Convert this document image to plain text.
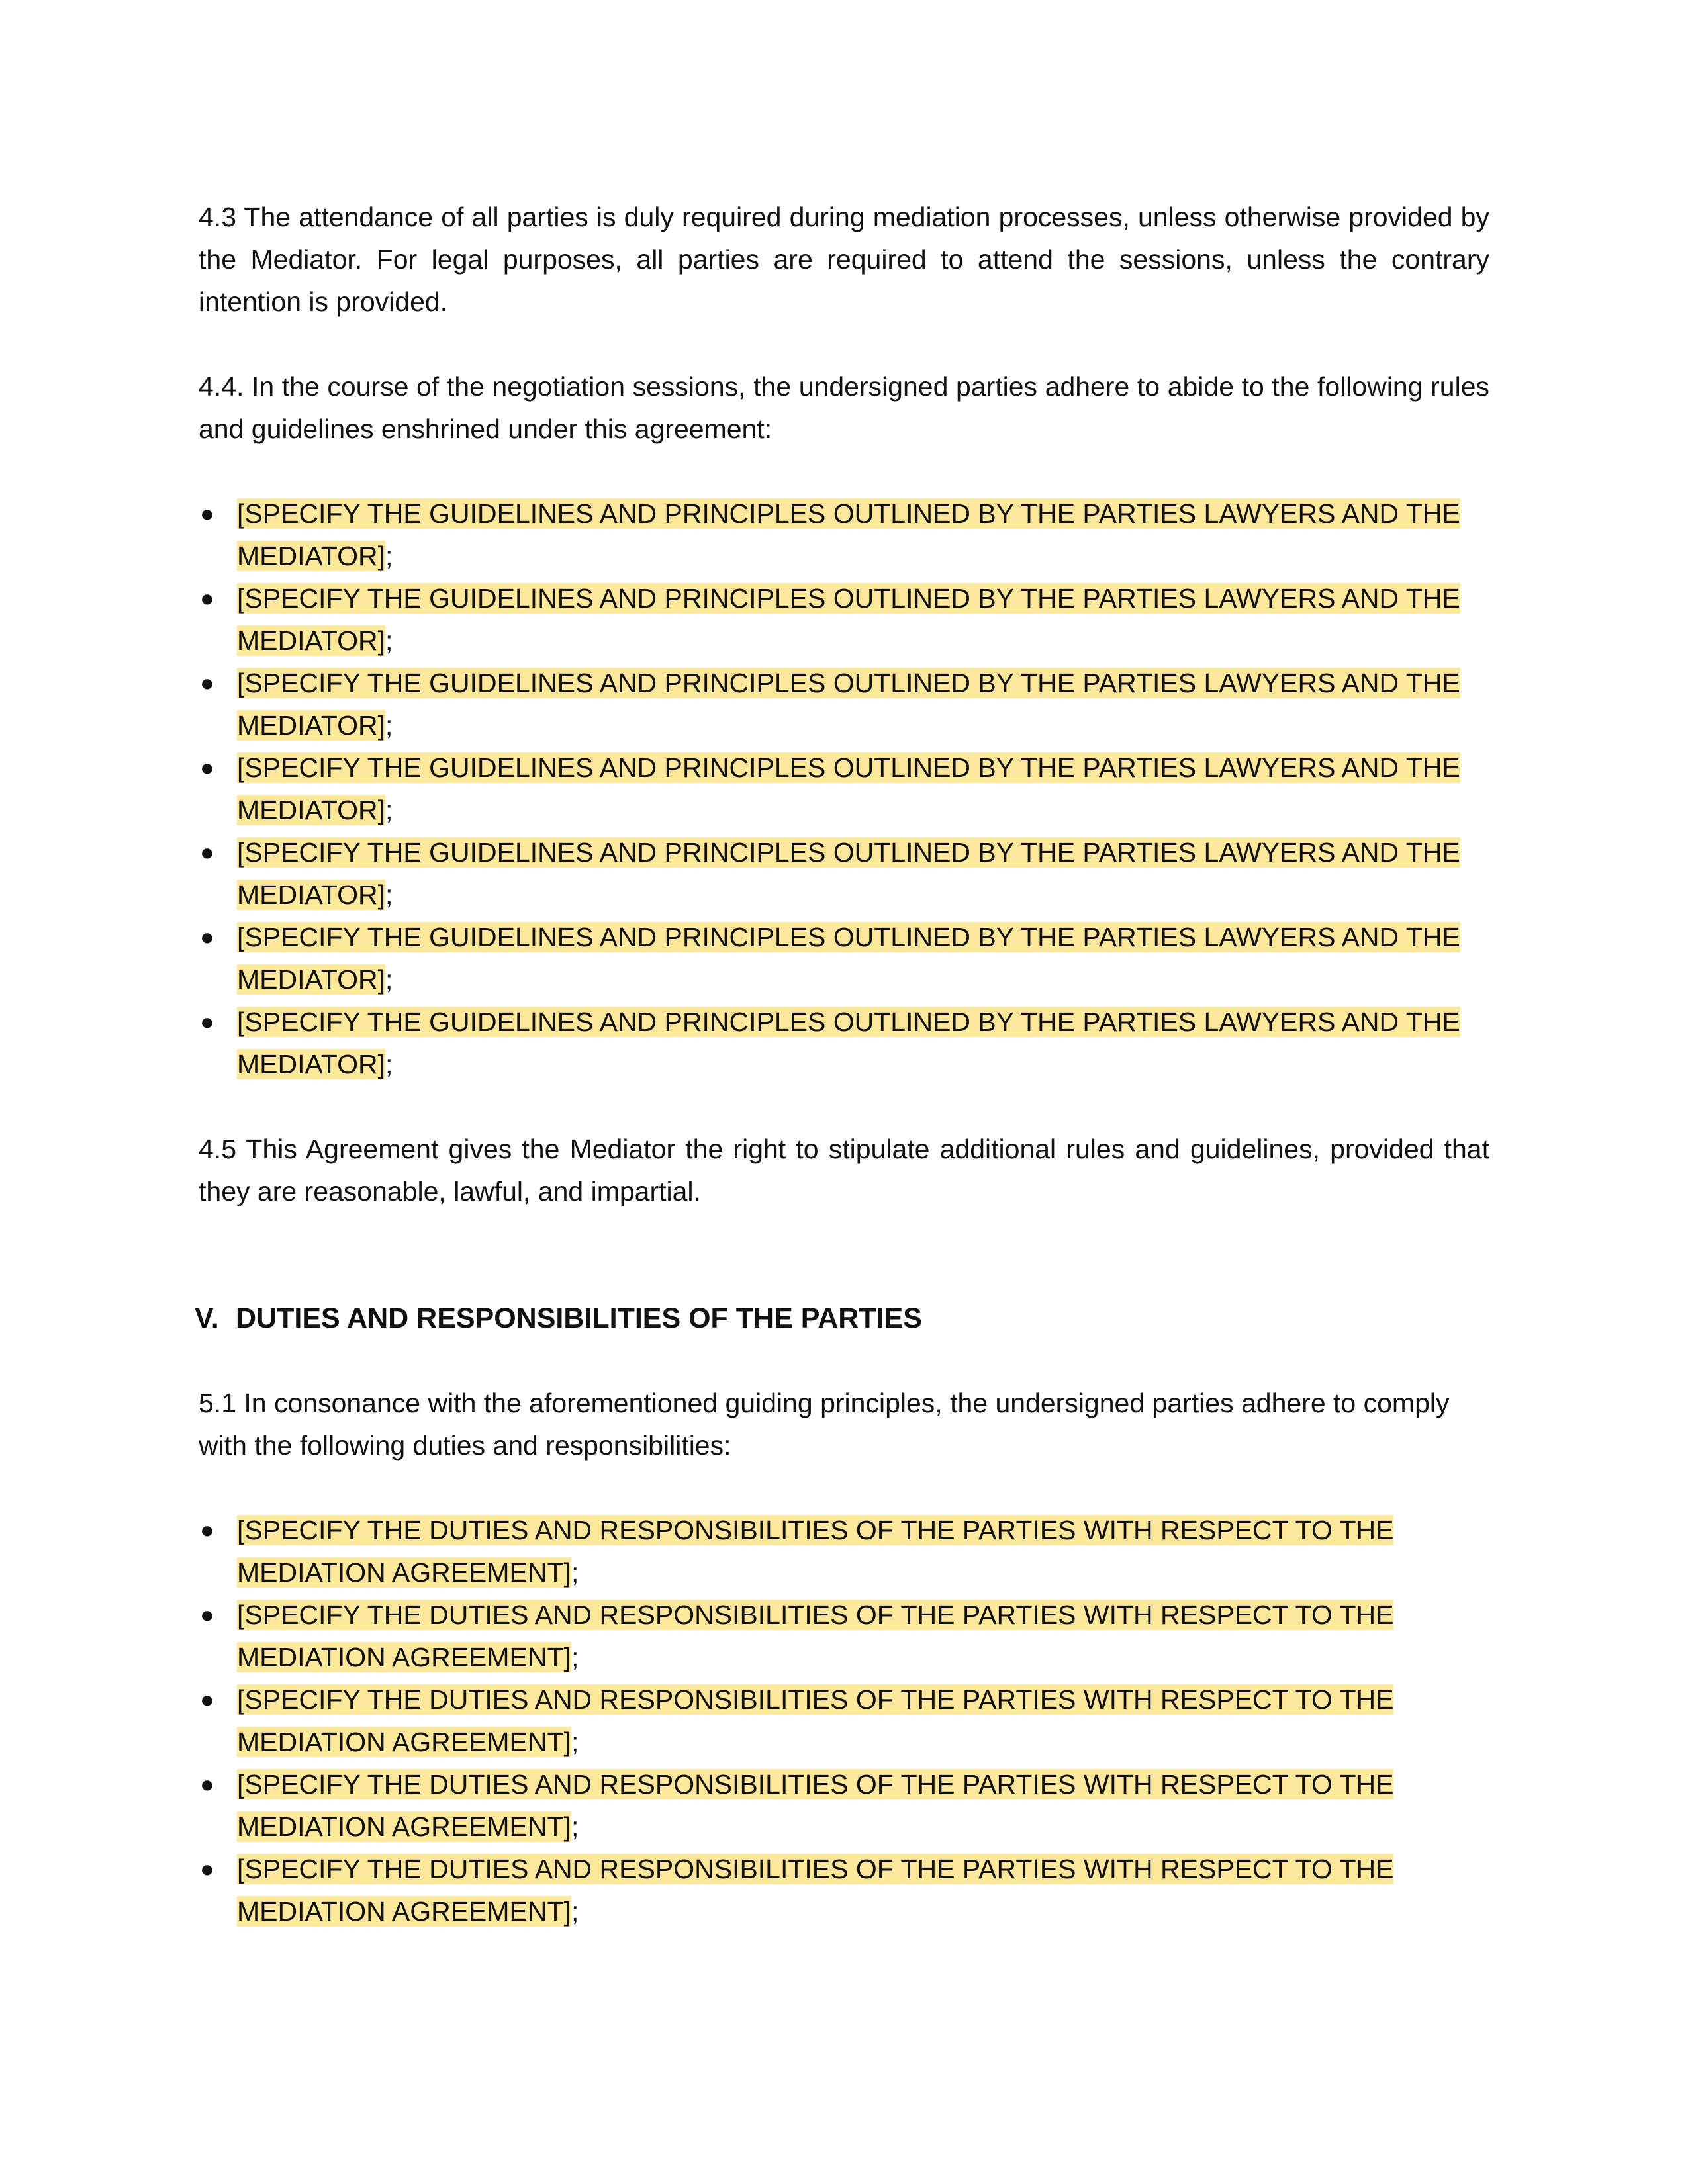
4.3 The attendance of all parties is duly required during mediation processes, unless otherwise provided by the Mediator. For legal purposes, all parties are required to attend the sessions, unless the contrary intention is provided.

4.4. In the course of the negotiation sessions, the undersigned parties adhere to abide to the following rules and guidelines enshrined under this agreement:

● [SPECIFY THE GUIDELINES AND PRINCIPLES OUTLINED BY THE PARTIES LAWYERS AND THE MEDIATOR];
● [SPECIFY THE GUIDELINES AND PRINCIPLES OUTLINED BY THE PARTIES LAWYERS AND THE MEDIATOR];
● [SPECIFY THE GUIDELINES AND PRINCIPLES OUTLINED BY THE PARTIES LAWYERS AND THE MEDIATOR];
● [SPECIFY THE GUIDELINES AND PRINCIPLES OUTLINED BY THE PARTIES LAWYERS AND THE MEDIATOR];
● [SPECIFY THE GUIDELINES AND PRINCIPLES OUTLINED BY THE PARTIES LAWYERS AND THE MEDIATOR];
● [SPECIFY THE GUIDELINES AND PRINCIPLES OUTLINED BY THE PARTIES LAWYERS AND THE MEDIATOR];
● [SPECIFY THE GUIDELINES AND PRINCIPLES OUTLINED BY THE PARTIES LAWYERS AND THE MEDIATOR];

4.5 This Agreement gives the Mediator the right to stipulate additional rules and guidelines, provided that they are reasonable, lawful, and impartial.

V. DUTIES AND RESPONSIBILITIES OF THE PARTIES

5.1 In consonance with the aforementioned guiding principles, the undersigned parties adhere to comply with the following duties and responsibilities:

● [SPECIFY THE DUTIES AND RESPONSIBILITIES OF THE PARTIES WITH RESPECT TO THE MEDIATION AGREEMENT];
● [SPECIFY THE DUTIES AND RESPONSIBILITIES OF THE PARTIES WITH RESPECT TO THE MEDIATION AGREEMENT];
● [SPECIFY THE DUTIES AND RESPONSIBILITIES OF THE PARTIES WITH RESPECT TO THE MEDIATION AGREEMENT];
● [SPECIFY THE DUTIES AND RESPONSIBILITIES OF THE PARTIES WITH RESPECT TO THE MEDIATION AGREEMENT];
● [SPECIFY THE DUTIES AND RESPONSIBILITIES OF THE PARTIES WITH RESPECT TO THE MEDIATION AGREEMENT];
